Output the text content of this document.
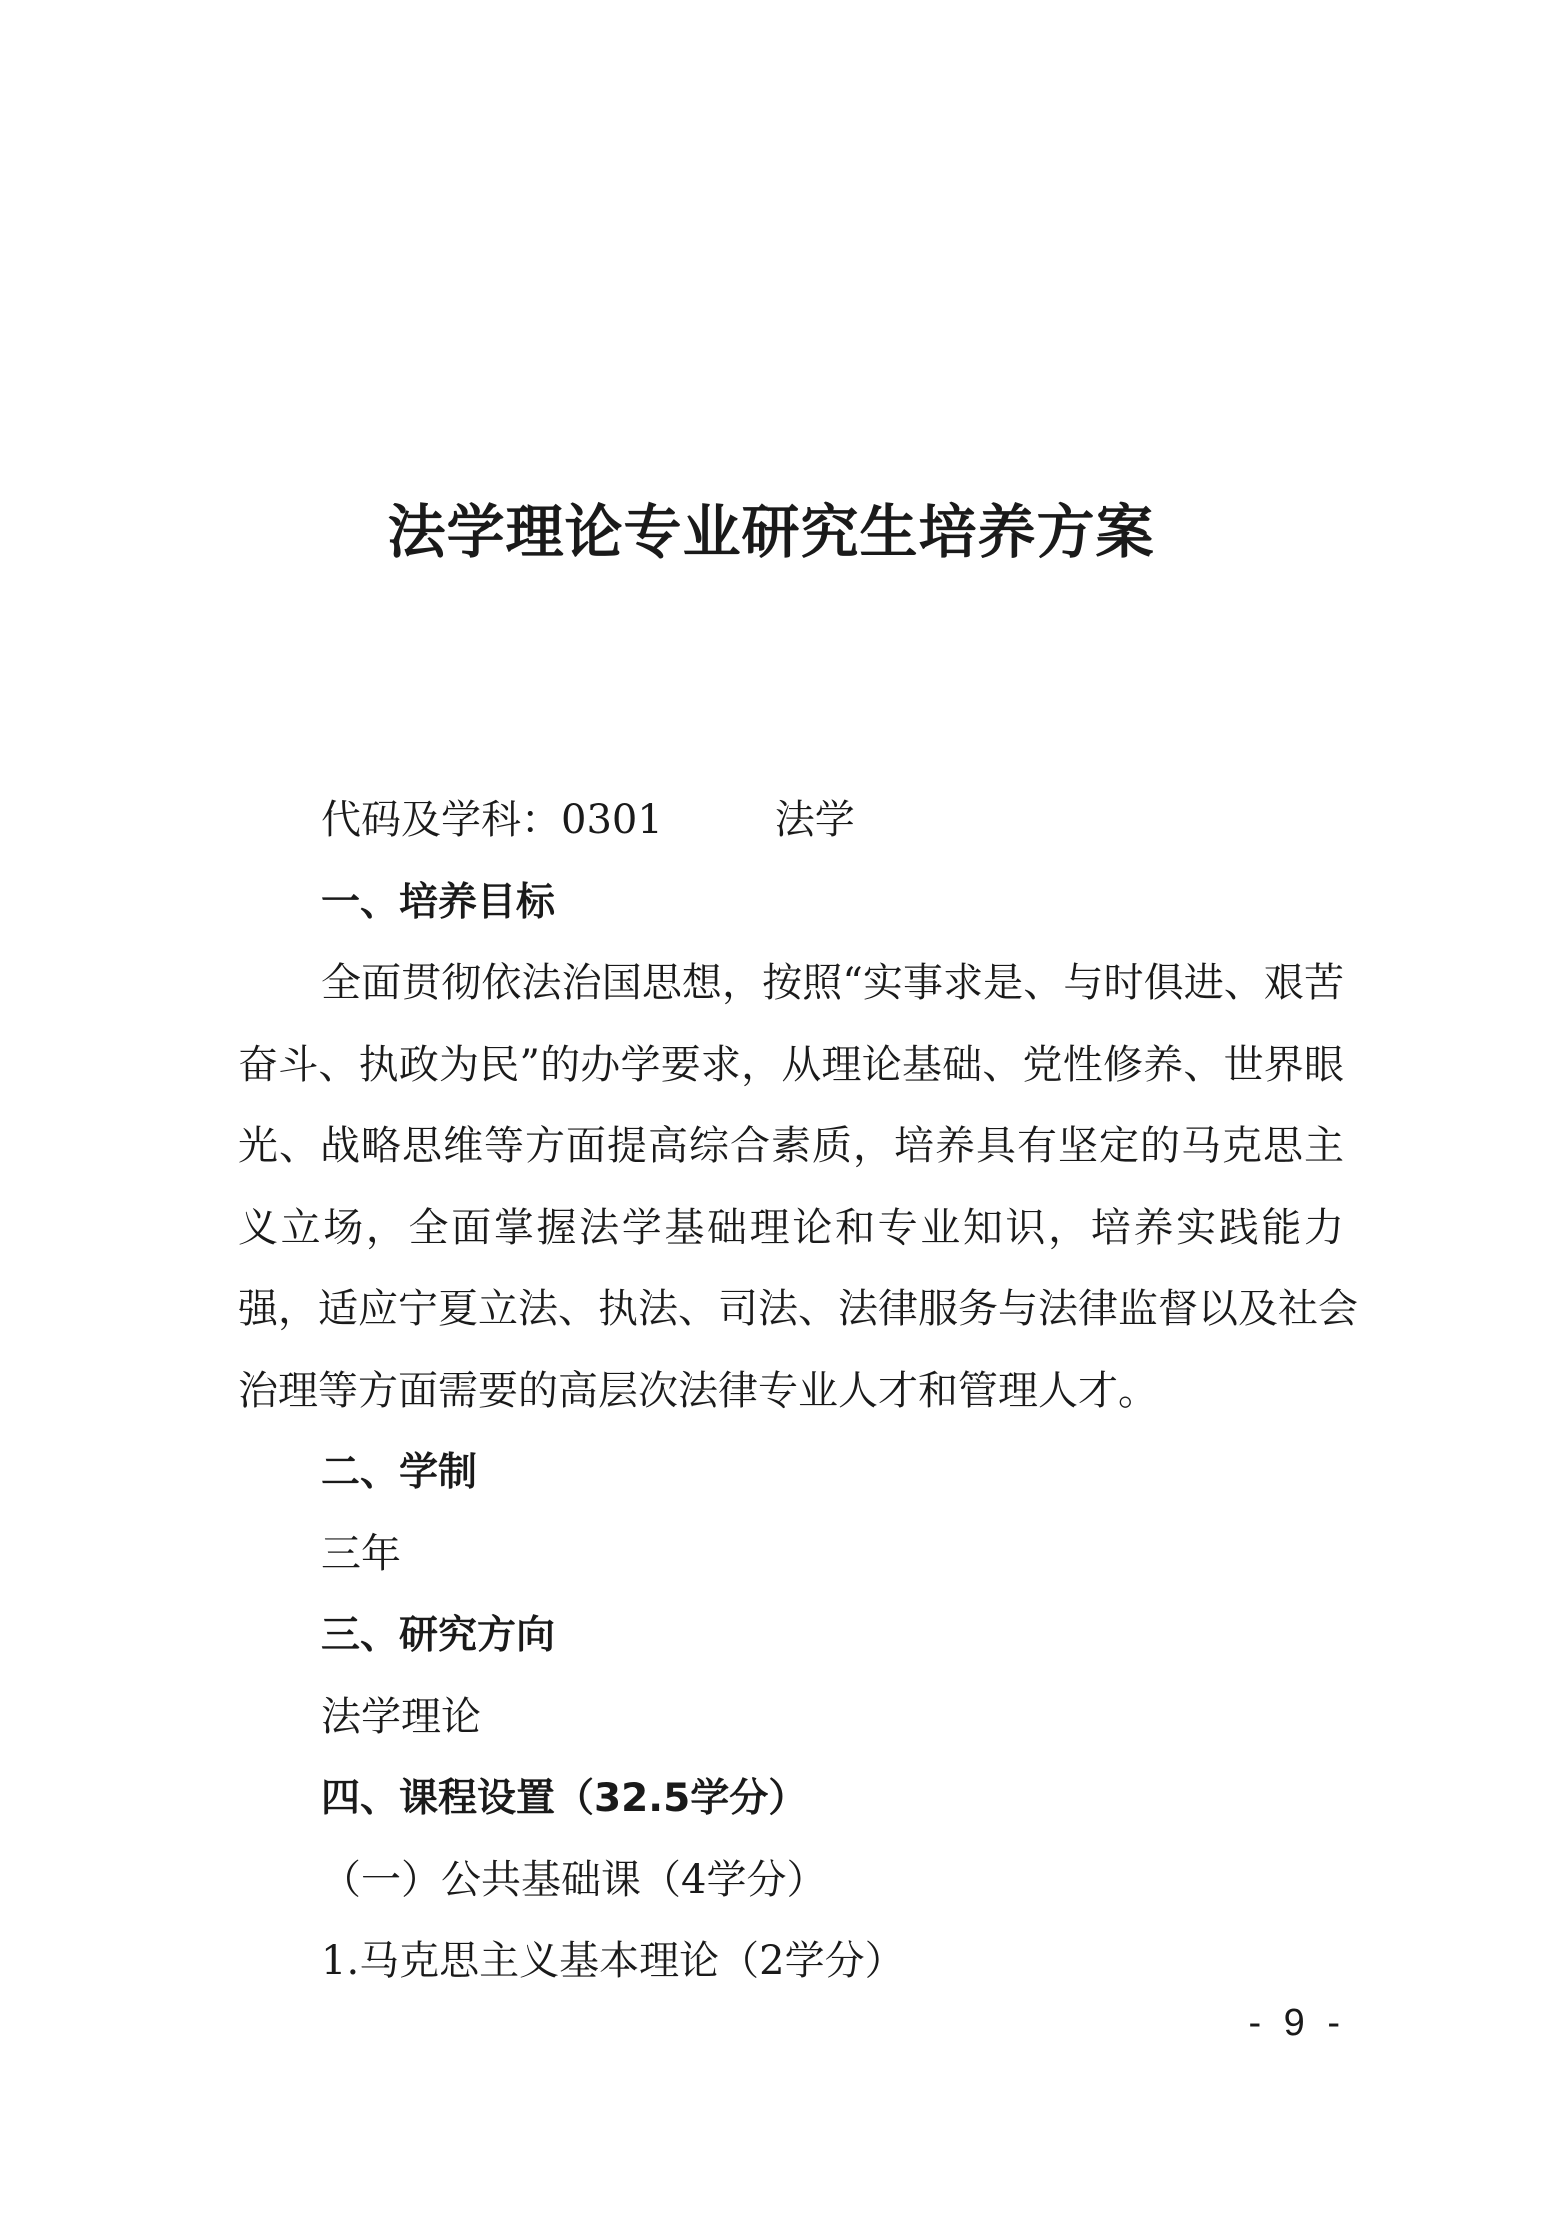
法学理论专业研究生培养方案
代码及学科：0301	法学
一、培养目标
全面贯彻依法治国思想，按照“实事求是、与时俱进、艰苦
奋斗、执政为民”的办学要求，从理论基础、党性修养、世界眼
光、战略思维等方面提高综合素质，培养具有坚定的马克思主
义立场，全面掌握法学基础理论和专业知识，培养实践能力
强，适应宁夏立法、执法、司法、法律服务与法律监督以及社会
治理等方面需要的高层次法律专业人才和管理人才。
二、学制
三年
三、研究方向
法学理论
四、课程设置（32.5学分）
（一）公共基础课（4学分）
1.马克思主义基本理论（2学分）
- 9 -
